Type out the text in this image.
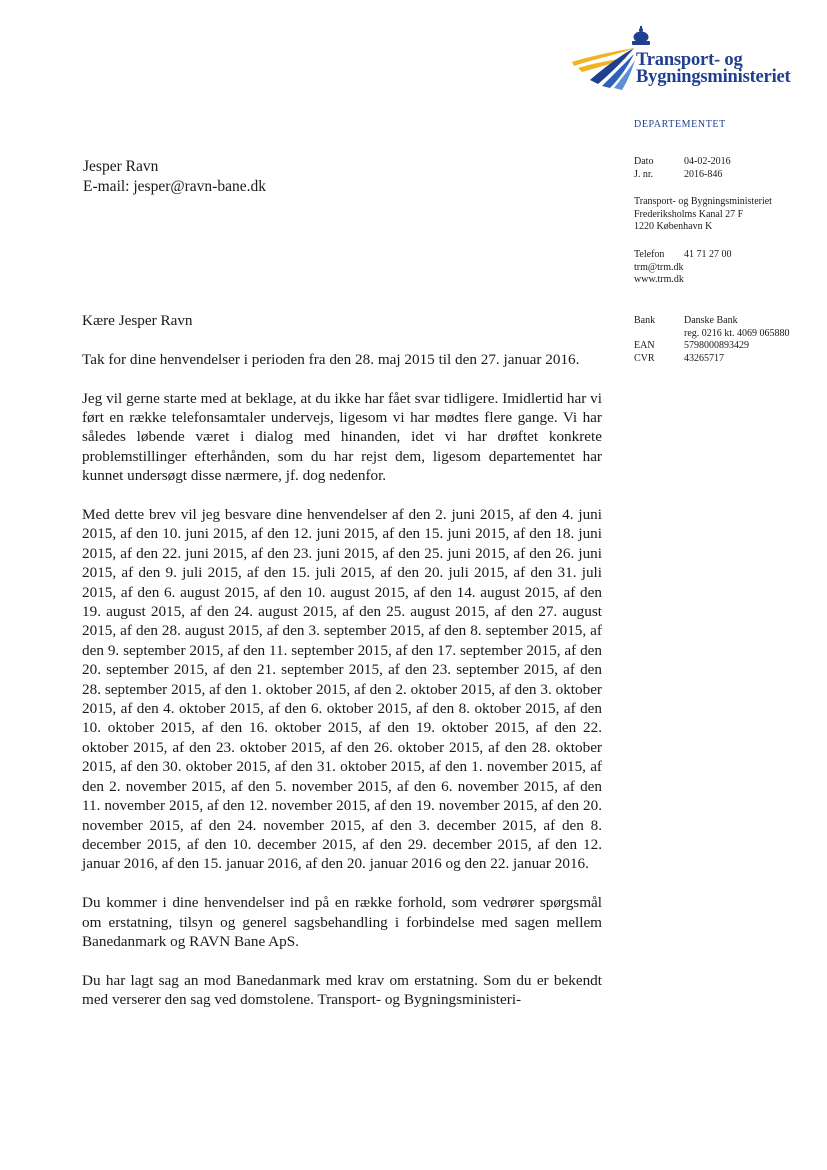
Transport- og
Bygningsministeriet
DEPARTEMENTET
Jesper Ravn
E-mail: jesper@ravn-bane.dk
Dato	04-02-2016
J. nr.	2016-846
Transport- og Bygningsministeriet
Frederiksholms Kanal 27 F
1220 København K
Telefon	41 71 27 00
trm@trm.dk
www.trm.dk
Bank	Danske Bank
reg. 0216 kt. 4069 065880
EAN	5798000893429
CVR	43265717
Kære Jesper Ravn

Tak for dine henvendelser i perioden fra den 28. maj 2015 til den 27. januar 2016.

Jeg vil gerne starte med at beklage, at du ikke har fået svar tidligere. Imidlertid har vi ført en række telefonsamtaler undervejs, ligesom vi har mødtes flere gange. Vi har således løbende været i dialog med hinanden, idet vi har drøftet konkrete problemstillinger efterhånden, som du har rejst dem, ligesom departementet har kunnet undersøgt disse nærmere, jf. dog nedenfor.

Med dette brev vil jeg besvare dine henvendelser af den 2. juni 2015, af den 4. juni 2015, af den 10. juni 2015, af den 12. juni 2015, af den 15. juni 2015, af den 18. juni 2015, af den 22. juni 2015, af den 23. juni 2015, af den 25. juni 2015, af den 26. juni 2015, af den 9. juli 2015, af den 15. juli 2015, af den 20. juli 2015, af den 31. juli 2015, af den 6. august 2015, af den 10. august 2015, af den 14. august 2015, af den 19. august 2015, af den 24. august 2015, af den 25. august 2015, af den 27. august 2015, af den 28. august 2015, af den 3. september 2015, af den 8. september 2015, af den 9. september 2015, af den 11. september 2015, af den 17. september 2015, af den 20. september 2015, af den 21. september 2015, af den 23. september 2015, af den 28. september 2015, af den 1. oktober 2015, af den 2. oktober 2015, af den 3. oktober 2015, af den 4. oktober 2015, af den 6. oktober 2015, af den 8. oktober 2015, af den 10. oktober 2015, af den 16. oktober 2015, af den 19. oktober 2015, af den 22. oktober 2015, af den 23. oktober 2015, af den 26. oktober 2015, af den 28. oktober 2015, af den 30. oktober 2015, af den 31. oktober 2015, af den 1. november 2015, af den 2. november 2015, af den 5. november 2015, af den 6. november 2015, af den 11. november 2015, af den 12. november 2015, af den 19. november 2015, af den 20. november 2015, af den 24. november 2015, af den 3. december 2015, af den 8. december 2015, af den 10. december 2015, af den 29. december 2015, af den 12. januar 2016, af den 15. januar 2016, af den 20. januar 2016 og den 22. januar 2016.

Du kommer i dine henvendelser ind på en række forhold, som vedrører spørgsmål om erstatning, tilsyn og generel sagsbehandling i forbindelse med sagen mellem Banedanmark og RAVN Bane ApS.

Du har lagt sag an mod Banedanmark med krav om erstatning. Som du er bekendt med verserer den sag ved domstolene. Transport- og Bygningsministeri-
